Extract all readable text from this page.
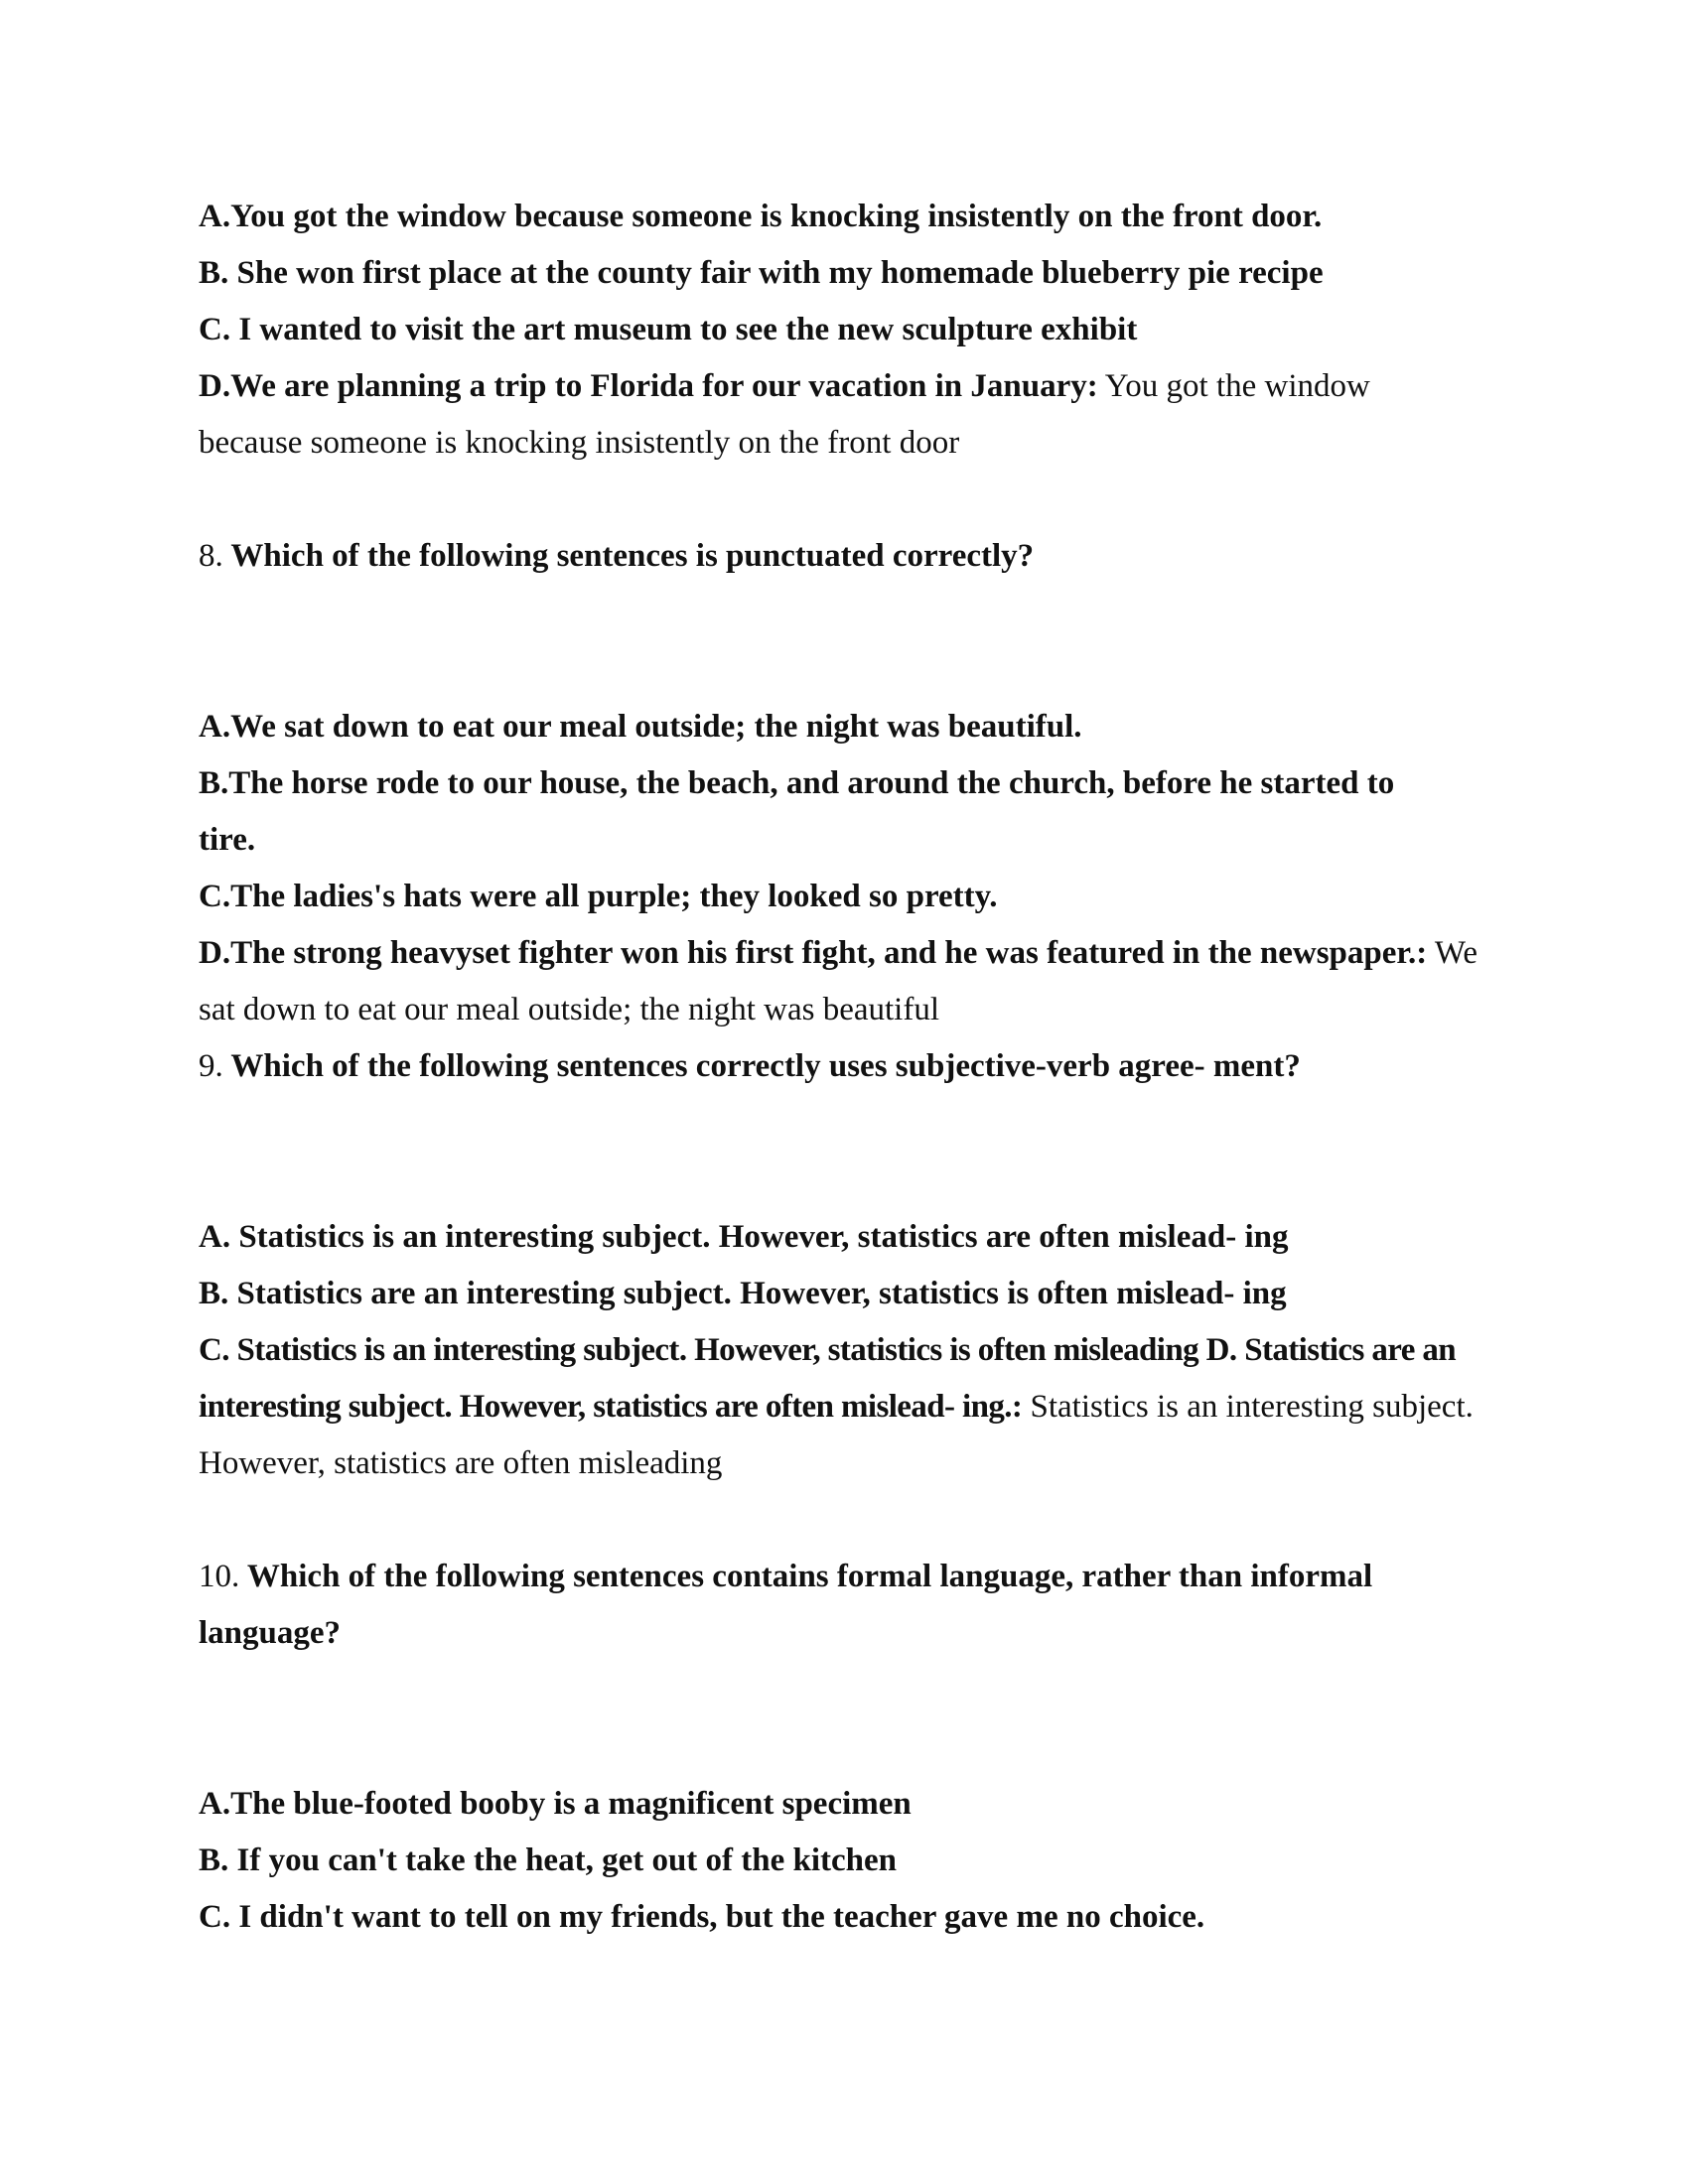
A.You got the window because someone is knocking insistently on the front door.
B. She won first place at the county fair with my homemade blueberry pie recipe
C. I wanted to visit the art museum to see the new sculpture exhibit
D.We are planning a trip to Florida for our vacation in January: You got the window
because someone is knocking insistently on the front door
8. Which of the following sentences is punctuated correctly?
A.We sat down to eat our meal outside; the night was beautiful.
B.The horse rode to our house, the beach, and around the church, before he started to
tire.
C.The ladies's hats were all purple; they looked so pretty.
D.The strong heavyset fighter won his first fight, and he was featured in the newspaper.: We
sat down to eat our meal outside; the night was beautiful
9. Which of the following sentences correctly uses subjective-verb agree- ment?
A. Statistics is an interesting subject. However, statistics are often mislead- ing
B. Statistics are an interesting subject. However, statistics is often mislead- ing
C. Statistics is an interesting subject. However, statistics is often misleading D. Statistics are an
interesting subject. However, statistics are often mislead- ing.: Statistics is an interesting subject.
However, statistics are often misleading
10. Which of the following sentences contains formal language, rather than informal
language?
A.The blue-footed booby is a magnificent specimen
B. If you can't take the heat, get out of the kitchen
C. I didn't want to tell on my friends, but the teacher gave me no choice.
